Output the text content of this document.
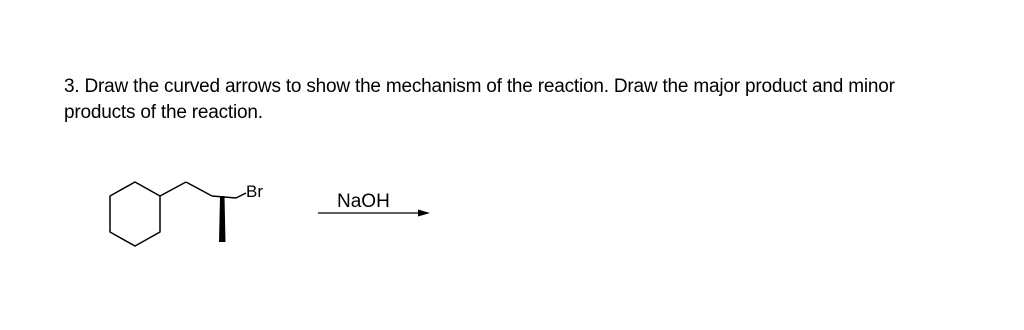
3. Draw the curved arrows to show the mechanism of the reaction. Draw the major product and minor products of the reaction.
Br	NaOH
